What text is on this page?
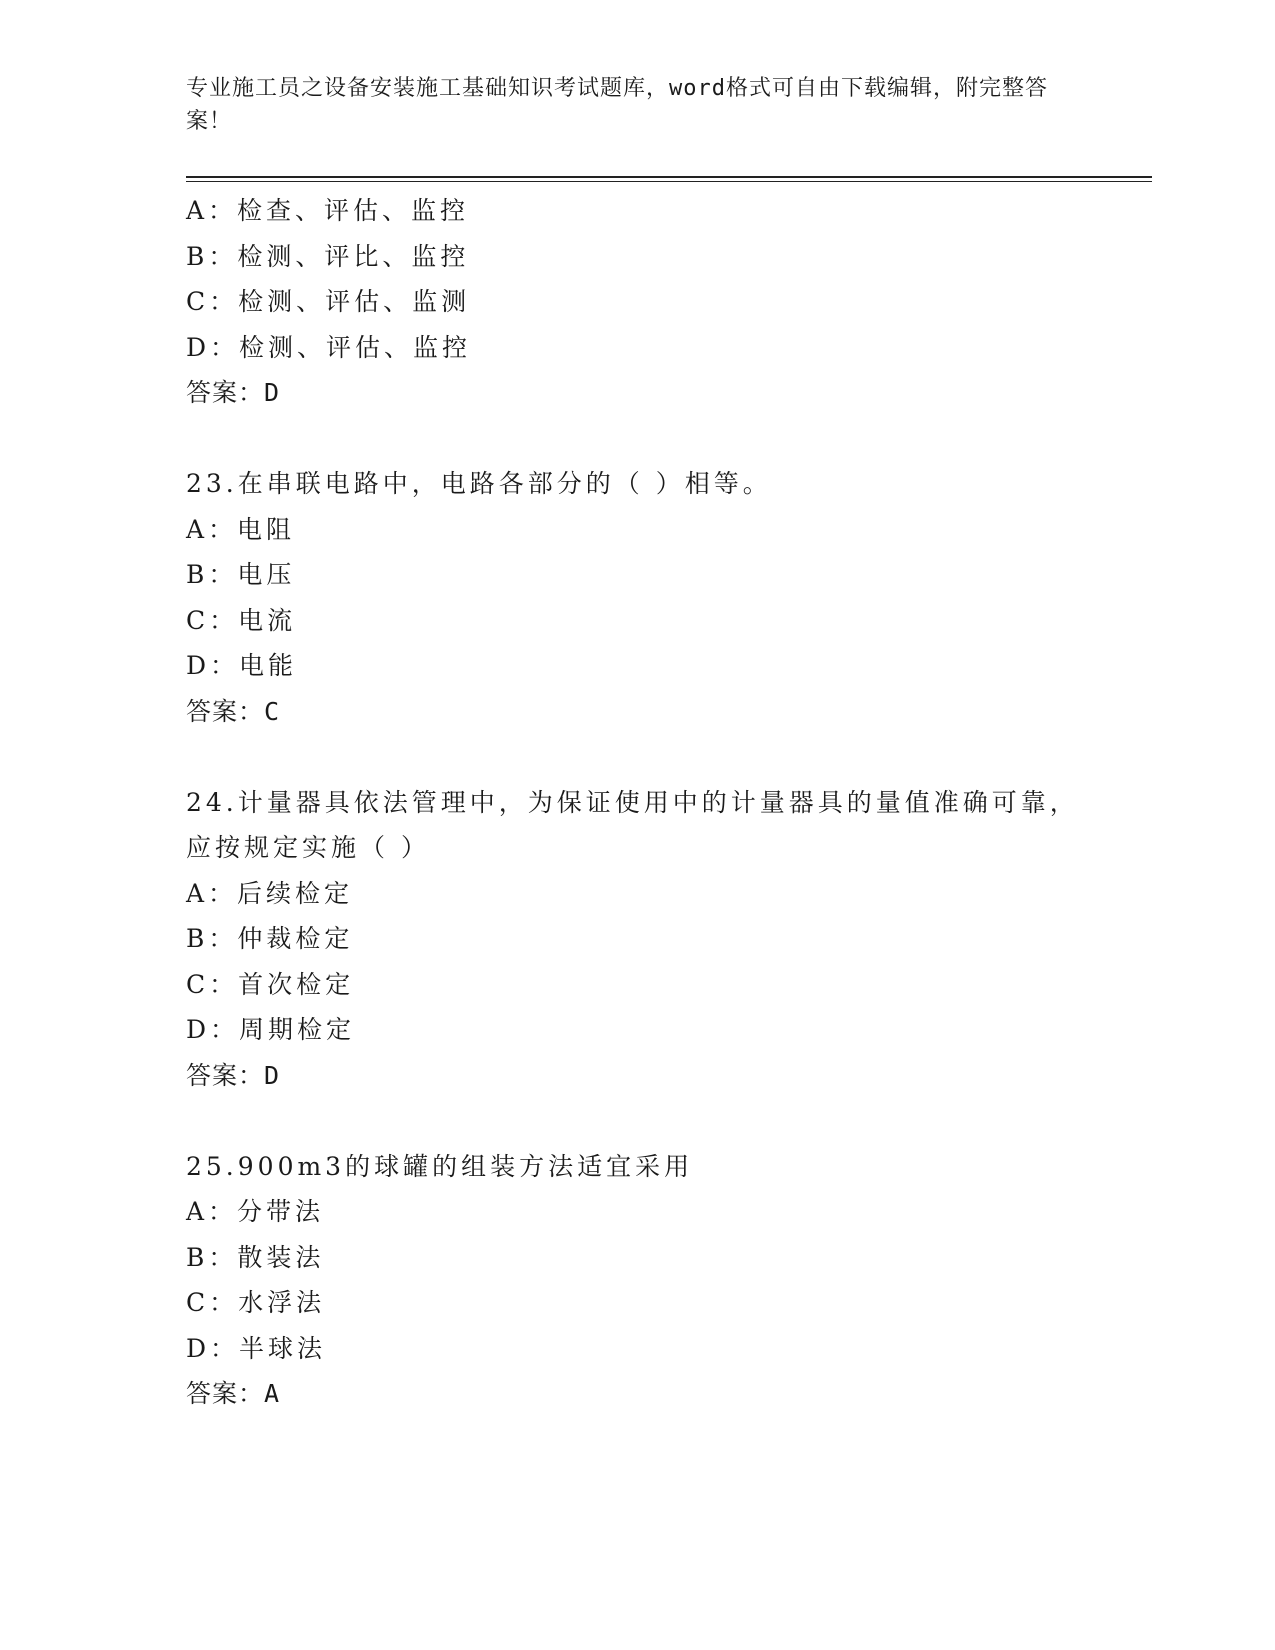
专业施工员之设备安装施工基础知识考试题库，word格式可自由下载编辑，附完整答案！
A：检查、评估、监控
B：检测、评比、监控
C：检测、评估、监测
D：检测、评估、监控
答案：D
23.在串联电路中，电路各部分的（ ）相等。
A：电阻
B：电压
C：电流
D：电能
答案：C
24.计量器具依法管理中，为保证使用中的计量器具的量值准确可靠，
应按规定实施（ ）
A：后续检定
B：仲裁检定
C：首次检定
D：周期检定
答案：D
25.900m3的球罐的组装方法适宜采用
A：分带法
B：散装法
C：水浮法
D：半球法
答案：A
